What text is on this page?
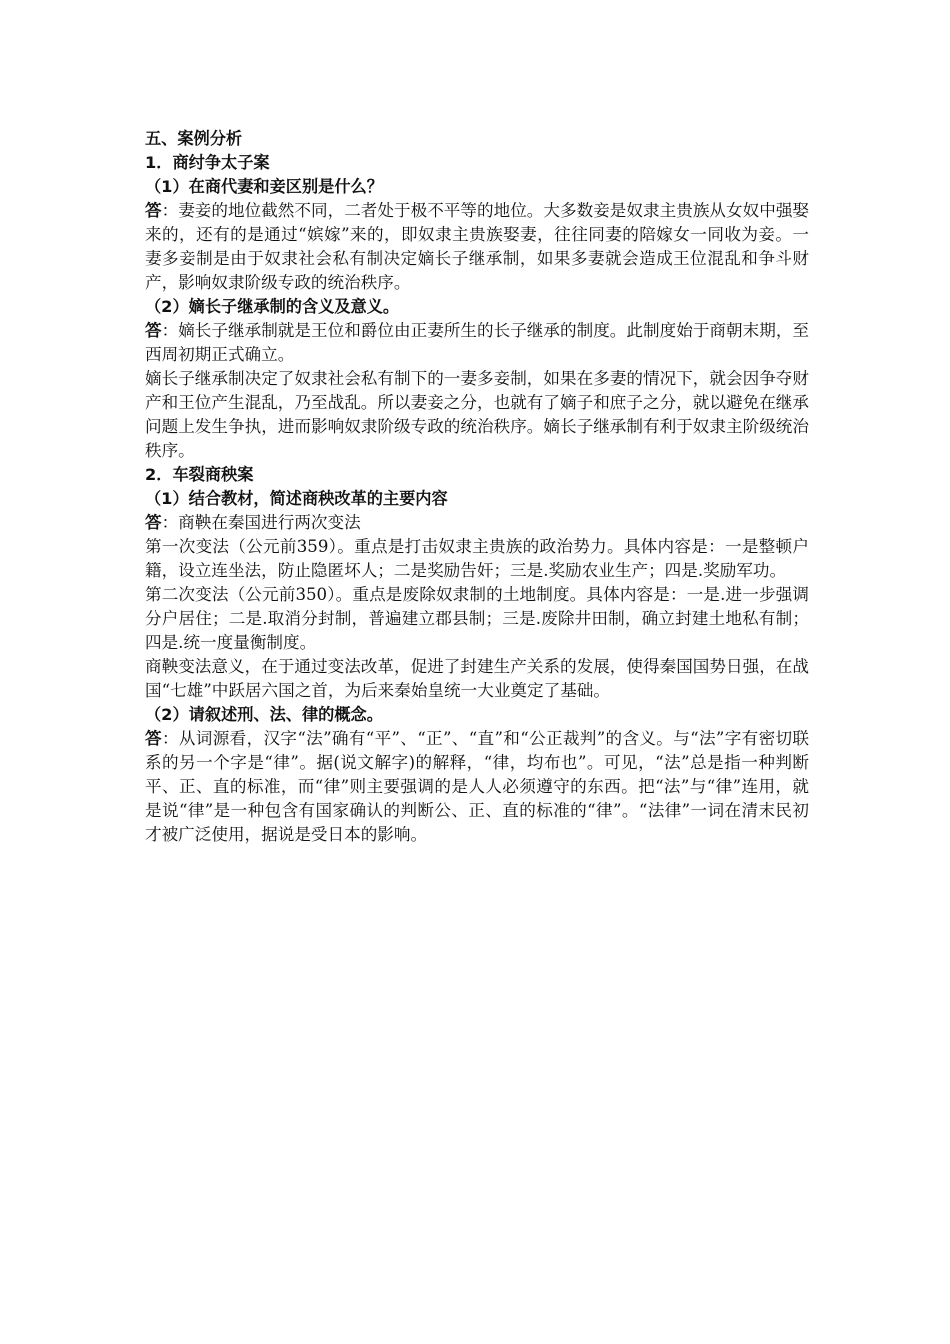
五、案例分析

1．商纣争太子案

（1）在商代妻和妾区别是什么？

答：妻妾的地位截然不同，二者处于极不平等的地位。大多数妾是奴隶主贵族从女奴中强娶来的，还有的是通过“嫔嫁”来的，即奴隶主贵族娶妻，往往同妻的陪嫁女一同收为妾。一妻多妾制是由于奴隶社会私有制决定嫡长子继承制，如果多妻就会造成王位混乱和争斗财产，影响奴隶阶级专政的统治秩序。

（2）嫡长子继承制的含义及意义。

答：嫡长子继承制就是王位和爵位由正妻所生的长子继承的制度。此制度始于商朝末期，至西周初期正式确立。

嫡长子继承制决定了奴隶社会私有制下的一妻多妾制，如果在多妻的情况下，就会因争夺财产和王位产生混乱，乃至战乱。所以妻妾之分，也就有了嫡子和庶子之分，就以避免在继承问题上发生争执，进而影响奴隶阶级专政的统治秩序。嫡长子继承制有利于奴隶主阶级统治秩序。

2．车裂商秧案

（1）结合教材，简述商秧改革的主要内容

答：商鞅在秦国进行两次变法

第一次变法（公元前359）。重点是打击奴隶主贵族的政治势力。具体内容是：一是整顿户籍，设立连坐法，防止隐匿坏人；二是奖励告奸；三是.奖励农业生产；四是.奖励军功。

第二次变法（公元前350）。重点是废除奴隶制的土地制度。具体内容是：一是.进一步强调分户居住；二是.取消分封制，普遍建立郡县制；三是.废除井田制，确立封建土地私有制；四是.统一度量衡制度。

商鞅变法意义，在于通过变法改革，促进了封建生产关系的发展，使得秦国国势日强，在战国“七雄”中跃居六国之首，为后来秦始皇统一大业奠定了基础。

（2）请叙述刑、法、律的概念。

答：从词源看，汉字“法”确有“平”、“正”、“直”和“公正裁判”的含义。与“法”字有密切联系的另一个字是“律”。据(说文解字)的解释，“律，均布也”。可见，“法”总是指一种判断平、正、直的标准，而“律”则主要强调的是人人必须遵守的东西。把“法”与“律”连用，就是说“律”是一种包含有国家确认的判断公、正、直的标准的“律”。“法律”一词在清末民初才被广泛使用，据说是受日本的影响。
